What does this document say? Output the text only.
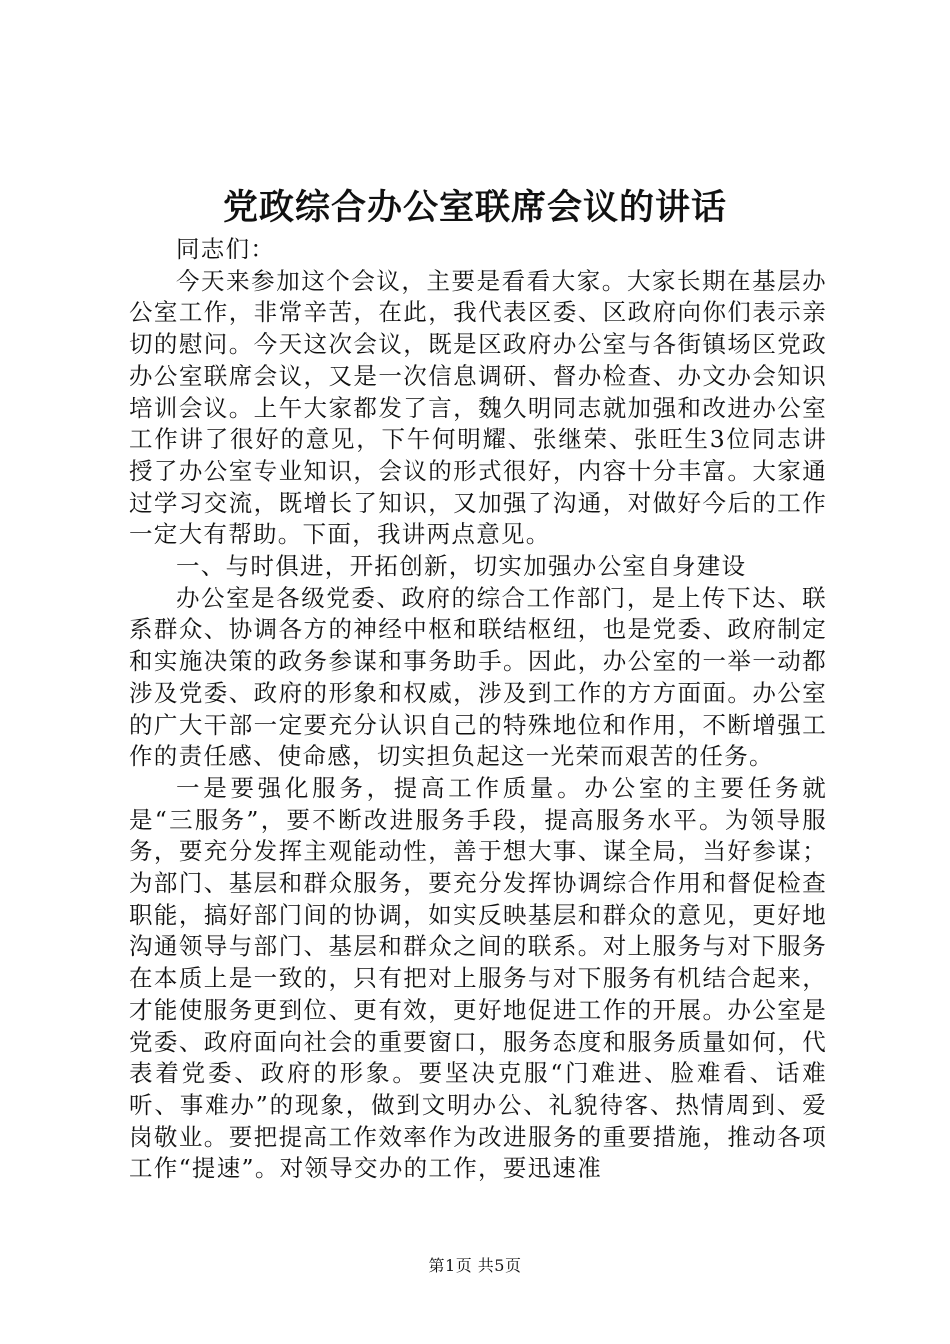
党政综合办公室联席会议的讲话

同志们：

今天来参加这个会议，主要是看看大家。大家长期在基层办公室工作，非常辛苦，在此，我代表区委、区政府向你们表示亲切的慰问。今天这次会议，既是区政府办公室与各街镇场区党政办公室联席会议，又是一次信息调研、督办检查、办文办会知识培训会议。上午大家都发了言，魏久明同志就加强和改进办公室工作讲了很好的意见，下午何明耀、张继荣、张旺生3位同志讲授了办公室专业知识，会议的形式很好，内容十分丰富。大家通过学习交流，既增长了知识，又加强了沟通，对做好今后的工作一定大有帮助。下面，我讲两点意见。

一、与时俱进，开拓创新，切实加强办公室自身建设

办公室是各级党委、政府的综合工作部门，是上传下达、联系群众、协调各方的神经中枢和联结枢纽，也是党委、政府制定和实施决策的政务参谋和事务助手。因此，办公室的一举一动都涉及党委、政府的形象和权威，涉及到工作的方方面面。办公室的广大干部一定要充分认识自己的特殊地位和作用，不断增强工作的责任感、使命感，切实担负起这一光荣而艰苦的任务。

一是要强化服务，提高工作质量。办公室的主要任务就是“三服务”，要不断改进服务手段，提高服务水平。为领导服务，要充分发挥主观能动性，善于想大事、谋全局，当好参谋；为部门、基层和群众服务，要充分发挥协调综合作用和督促检查职能，搞好部门间的协调，如实反映基层和群众的意见，更好地沟通领导与部门、基层和群众之间的联系。对上服务与对下服务在本质上是一致的，只有把对上服务与对下服务有机结合起来，才能使服务更到位、更有效，更好地促进工作的开展。办公室是党委、政府面向社会的重要窗口，服务态度和服务质量如何，代表着党委、政府的形象。要坚决克服“门难进、脸难看、话难听、事难办”的现象，做到文明办公、礼貌待客、热情周到、爱岗敬业。要把提高工作效率作为改进服务的重要措施，推动各项工作“提速”。对领导交办的工作，要迅速准

第1页 共5页
